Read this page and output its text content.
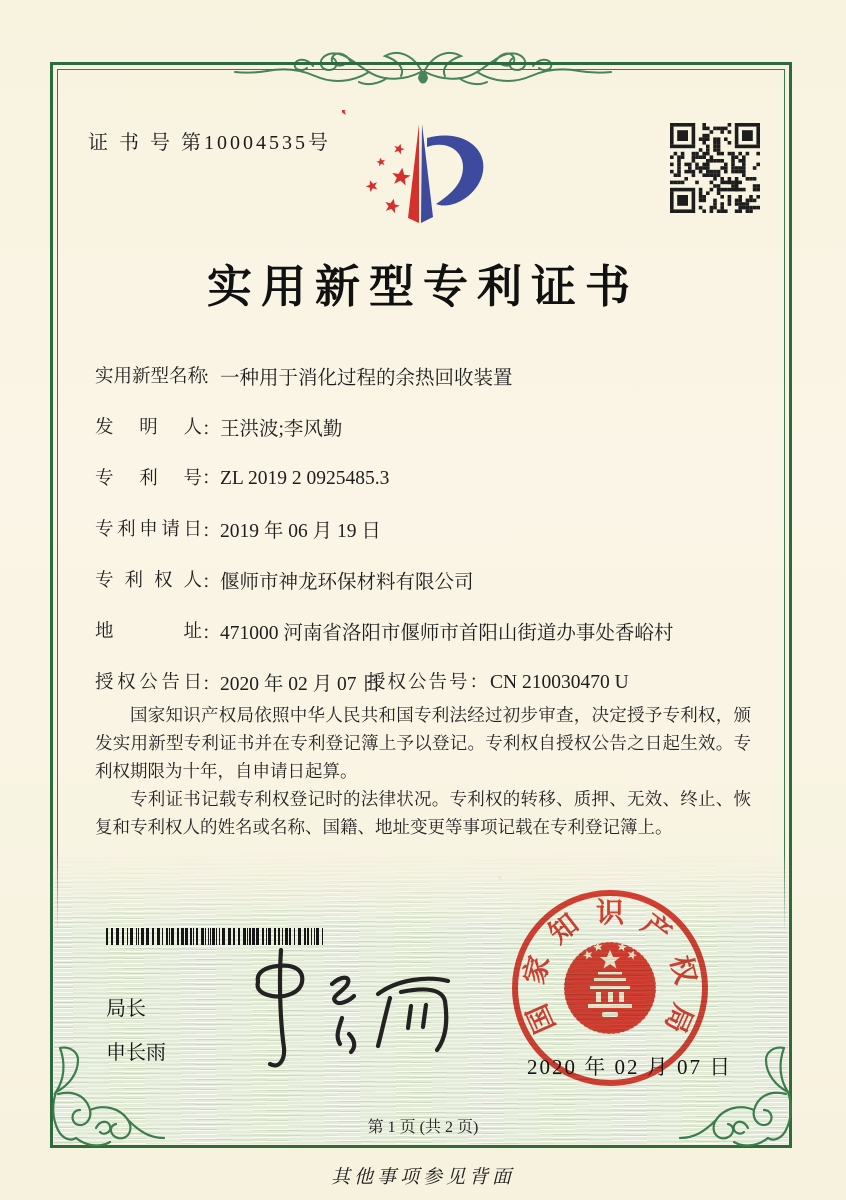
证 书 号 第10004535号
实用新型专利证书
实用新型名称：一种用于消化过程的余热回收装置
发明人：王洪波;李风勤
专利号：ZL 2019 2 0925485.3
专利申请日：2019 年 06 月 19 日
专利权人：偃师市神龙环保材料有限公司
地址：471000 河南省洛阳市偃师市首阳山街道办事处香峪村
授权公告日：2020 年 02 月 07 日
授权公告号：CN 210030470 U

国家知识产权局依照中华人民共和国专利法经过初步审查，决定授予专利权，颁发实用新型专利证书并在专利登记簿上予以登记。专利权自授权公告之日起生效。专利权期限为十年，自申请日起算。

专利证书记载专利权登记时的法律状况。专利权的转移、质押、无效、终止、恢复和专利权人的姓名或名称、国籍、地址变更等事项记载在专利登记簿上。

局长
申长雨
国
家
知 识 产
权
局
2020 年 02 月 07 日
第 1 页 (共 2 页)
其他事项参见背面
